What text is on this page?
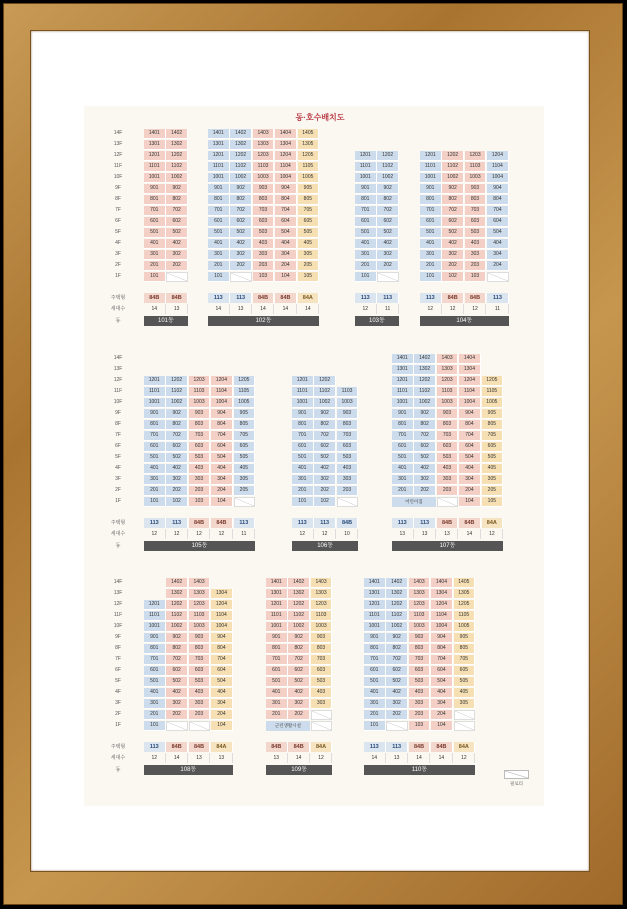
동·호수배치도
14F
13F
12F
11F
10F
9F
8F
7F
6F
5F
4F
3F
2F
1F
주택형
세대수
동
1401
1301
1201
1101
1001
901
801
701
601
501
401
301
201
101
84B
14
1402
1302
1202
1102
1002
902
802
702
602
502
402
302
202
84B
13
101동
1401
1301
1201
1101
1001
901
801
701
601
501
401
301
201
101
113
14
1402
1302
1202
1102
1002
902
802
702
602
502
402
302
202
113
13
1403
1303
1203
1103
1003
903
803
703
603
503
403
303
203
103
84B
14
1404
1304
1204
1104
1004
904
804
704
604
504
404
304
204
104
84B
14
1405
1305
1205
1105
1005
905
805
705
605
505
405
305
205
105
84A
14
102동
1201
1101
1001
901
801
701
601
501
401
301
201
101
113
12
1202
1102
1002
902
802
702
602
502
402
302
202
113
11
103동
1201
1101
1001
901
801
701
601
501
401
301
201
101
113
12
1202
1102
1002
902
802
702
602
502
402
302
202
102
84B
12
1203
1103
1003
903
803
703
603
503
403
303
203
103
84B
12
1204
1104
1004
904
804
704
604
504
404
304
204
113
11
104동
14F
13F
12F
11F
10F
9F
8F
7F
6F
5F
4F
3F
2F
1F
주택형
세대수
동
1201
1101
1001
901
801
701
601
501
401
301
201
101
113
12
1202
1102
1002
902
802
702
602
502
402
302
202
102
113
12
1203
1103
1003
903
803
703
603
503
403
303
203
103
84B
12
1204
1104
1004
904
804
704
604
504
404
304
204
104
84B
12
1205
1105
1005
905
805
705
605
505
405
305
205
113
11
105동
1201
1101
1001
901
801
701
601
501
401
301
201
101
113
12
1202
1102
1002
902
802
702
602
502
402
302
202
102
113
12
1103
1003
903
803
703
603
503
403
303
203
84B
10
106동
1401
1301
1201
1101
1001
901
801
701
601
501
401
301
201
113
13
1402
1302
1202
1102
1002
902
802
702
602
502
402
302
202
113
13
1403
1303
1203
1103
1003
903
803
703
603
503
403
303
203
84B
13
1404
1304
1204
1104
1004
904
804
704
604
504
404
304
204
104
84B
14
1205
1105
1005
905
805
705
605
505
405
305
205
105
84A
12
어린이집
107동
14F
13F
12F
11F
10F
9F
8F
7F
6F
5F
4F
3F
2F
1F
주택형
세대수
동
1201
1101
1001
901
801
701
601
501
401
301
201
101
113
12
1402
1302
1202
1102
1002
902
802
702
602
502
402
302
202
84B
14
1403
1303
1203
1103
1003
903
803
703
603
503
403
303
203
84B
13
1304
1204
1104
1004
904
804
704
604
504
404
304
204
104
84A
13
108동
1401
1301
1201
1101
1001
901
801
701
601
501
401
301
201
84B
13
1402
1302
1202
1102
1002
902
802
702
602
502
402
302
202
84B
14
1403
1303
1203
1103
1003
903
803
703
603
503
403
303
84A
12
근린생활시설
109동
1401
1301
1201
1101
1001
901
801
701
601
501
401
301
201
101
113
14
1402
1302
1202
1102
1002
902
802
702
602
502
402
302
202
113
13
1403
1303
1203
1103
1003
903
803
703
603
503
403
303
203
103
84B
14
1404
1304
1204
1104
1004
904
804
704
604
504
404
304
204
104
84B
14
1405
1305
1205
1105
1005
905
805
705
605
505
405
305
84A
12
110동
필로티
